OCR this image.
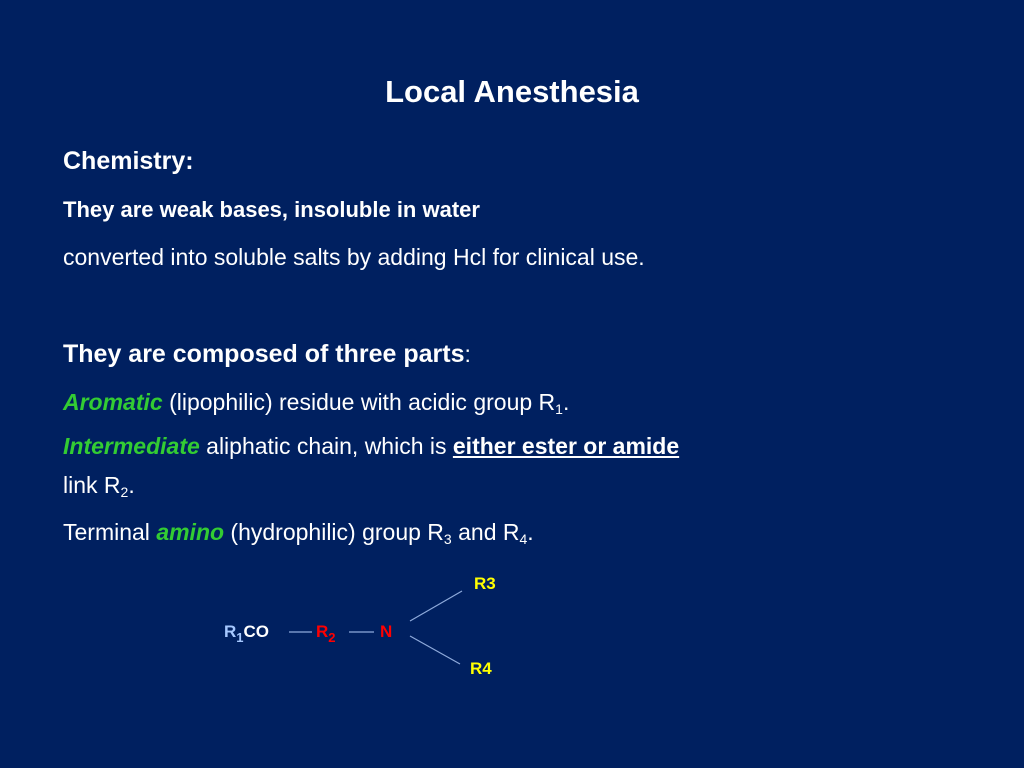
Local Anesthesia
Chemistry:
They are weak bases, insoluble in water
converted into soluble salts by adding Hcl for clinical use.
They are composed of three parts:
Aromatic (lipophilic) residue with acidic group $R_1$.
Intermediate aliphatic chain, which is either ester or amide
link $R_2$.
Terminal amino (hydrophilic) group $R_3$ and $R_4$.
$R_1CO$	$R_2$	N
R3
R4
